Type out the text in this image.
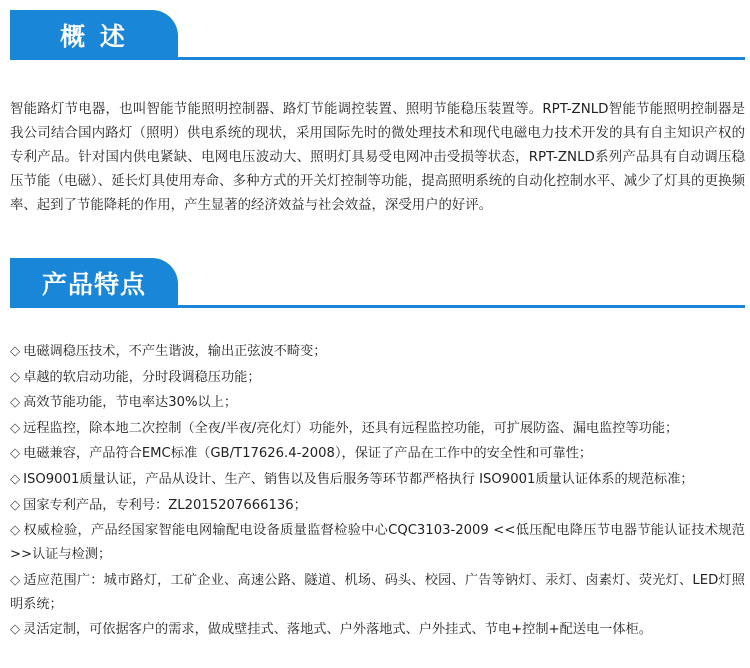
概 述
智能路灯节电器，也叫智能节能照明控制器、路灯节能调控装置、照明节能稳压装置等。RPT-ZNLD智能节能照明控制器是我公司结合国内路灯（照明）供电系统的现状，采用国际先时的微处理技术和现代电磁电力技术开发的具有自主知识产权的专利产品。针对国内供电紧缺、电网电压波动大、照明灯具易受电网冲击受损等状态，RPT-ZNLD系列产品具有自动调压稳压节能（电磁）、延长灯具使用寿命、多种方式的开关灯控制等功能，提高照明系统的自动化控制水平、减少了灯具的更换频率、起到了节能降耗的作用，产生显著的经济效益与社会效益，深受用户的好评。
产品特点
◇ 电磁调稳压技术，不产生谐波，输出正弦波不畸变；
◇ 卓越的软启动功能，分时段调稳压功能；
◇ 高效节能功能，节电率达30%以上；
◇ 远程监控，除本地二次控制（全夜/半夜/亮化灯）功能外，还具有远程监控功能，可扩展防盗、漏电监控等功能；
◇ 电磁兼容，产品符合EMC标准（GB/T17626.4-2008），保证了产品在工作中的安全性和可靠性；
◇ ISO9001质量认证，产品从设计、生产、销售以及售后服务等环节都严格执行 ISO9001质量认证体系的规范标准；
◇ 国家专利产品，专利号：ZL2015207666136；
◇ 权威检验，产品经国家智能电网输配电设备质量监督检验中心CQC3103-2009 <<低压配电降压节电器节能认证技术规范>>认证与检测；
◇ 适应范围广：城市路灯，工矿企业、高速公路、隧道、机场、码头、校园、广告等钠灯、汞灯、卤素灯、荧光灯、LED灯照明系统；
◇ 灵活定制，可依据客户的需求，做成壁挂式、落地式、户外落地式、户外挂式、节电+控制+配送电一体柜。
